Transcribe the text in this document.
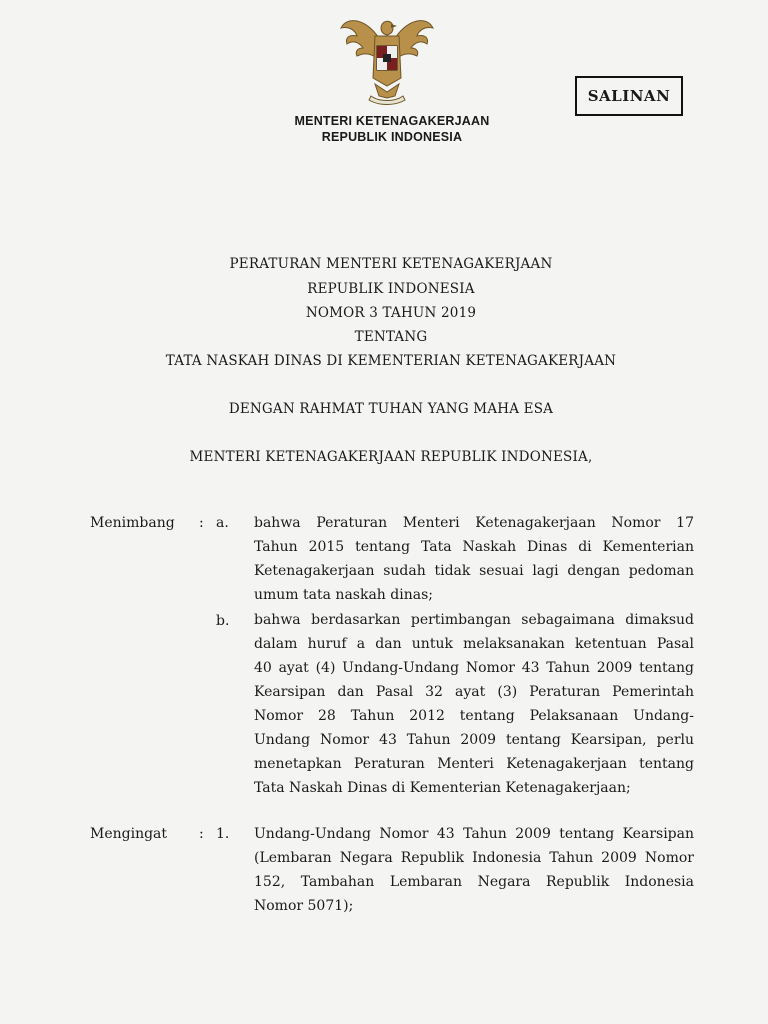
MENTERI KETENAGAKERJAAN
REPUBLIK INDONESIA
SALINAN
PERATURAN MENTERI KETENAGAKERJAAN
REPUBLIK INDONESIA
NOMOR 3 TAHUN 2019
TENTANG
TATA NASKAH DINAS DI KEMENTERIAN KETENAGAKERJAAN
DENGAN RAHMAT TUHAN YANG MAHA ESA
MENTERI KETENAGAKERJAAN REPUBLIK INDONESIA,
Menimbang : a. bahwa Peraturan Menteri Ketenagakerjaan Nomor 17
Tahun 2015 tentang Tata Naskah Dinas di Kementerian
Ketenagakerjaan sudah tidak sesuai lagi dengan pedoman
umum tata naskah dinas;
b. bahwa berdasarkan pertimbangan sebagaimana dimaksud
dalam huruf a dan untuk melaksanakan ketentuan Pasal
40 ayat (4) Undang-Undang Nomor 43 Tahun 2009 tentang
Kearsipan dan Pasal 32 ayat (3) Peraturan Pemerintah
Nomor 28 Tahun 2012 tentang Pelaksanaan Undang-
Undang Nomor 43 Tahun 2009 tentang Kearsipan, perlu
menetapkan Peraturan Menteri Ketenagakerjaan tentang
Tata Naskah Dinas di Kementerian Ketenagakerjaan;
Mengingat : 1. Undang-Undang Nomor 43 Tahun 2009 tentang Kearsipan
(Lembaran Negara Republik Indonesia Tahun 2009 Nomor
152, Tambahan Lembaran Negara Republik Indonesia
Nomor 5071);
